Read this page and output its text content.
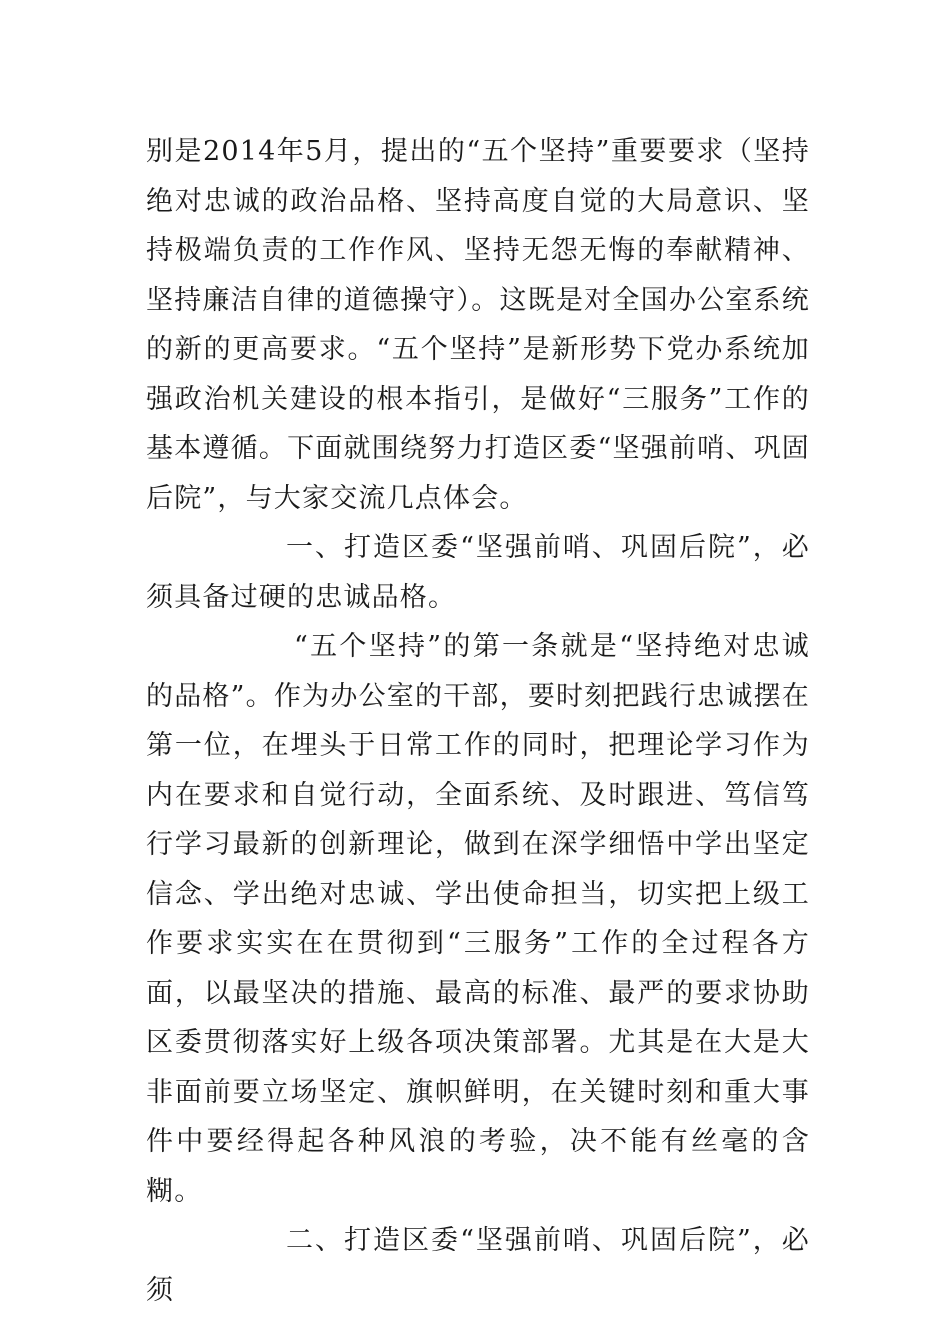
别是2014年5月，提出的“五个坚持”重要要求（坚持绝对忠诚的政治品格、坚持高度自觉的大局意识、坚持极端负责的工作作风、坚持无怨无悔的奉献精神、坚持廉洁自律的道德操守）。这既是对全国办公室系统的新的更高要求。“五个坚持”是新形势下党办系统加强政治机关建设的根本指引，是做好“三服务”工作的基本遵循。下面就围绕努力打造区委“坚强前哨、巩固后院”，与大家交流几点体会。

一、打造区委“坚强前哨、巩固后院”，必须具备过硬的忠诚品格。

“五个坚持”的第一条就是“坚持绝对忠诚的品格”。作为办公室的干部，要时刻把践行忠诚摆在第一位，在埋头于日常工作的同时，把理论学习作为内在要求和自觉行动，全面系统、及时跟进、笃信笃行学习最新的创新理论，做到在深学细悟中学出坚定信念、学出绝对忠诚、学出使命担当，切实把上级工作要求实实在在贯彻到“三服务”工作的全过程各方面，以最坚决的措施、最高的标准、最严的要求协助区委贯彻落实好上级各项决策部署。尤其是在大是大非面前要立场坚定、旗帜鲜明，在关键时刻和重大事件中要经得起各种风浪的考验，决不能有丝毫的含糊。

二、打造区委“坚强前哨、巩固后院”，必须
